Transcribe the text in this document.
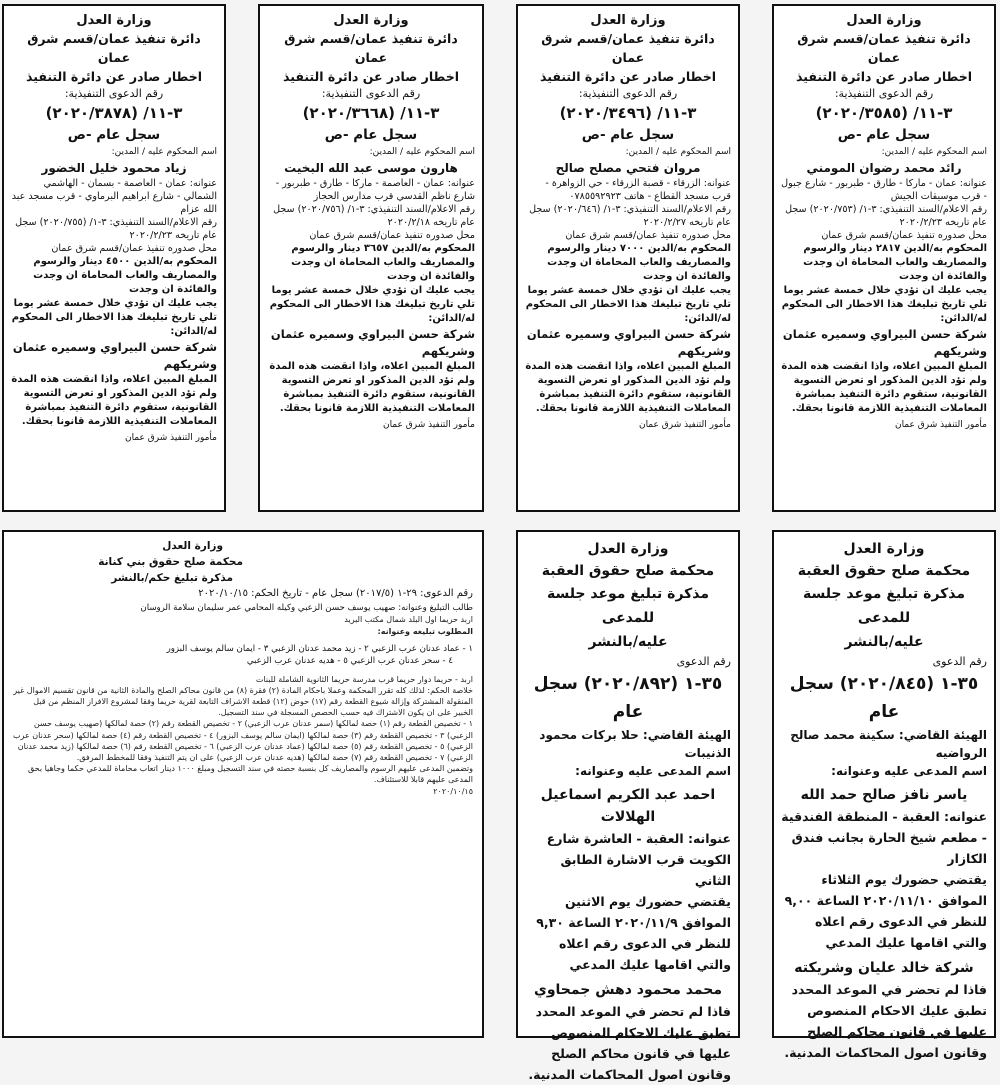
وزارة العدل
دائرة تنفيذ عمان/قسم شرق عمان
اخطار صادر عن دائرة التنفيذ
رقم الدعوى التنفيذية:
٣-١١/ (٢٠٢٠/٣٥٨٥)
سجل عام -ص
اسم المحكوم عليه / المدين:
رائد محمد رضوان المومني
عنوانه: عمان - ماركا - طارق - طبربور - شارع جبول - قرب موسيقات الجيش
رقم الاعلام/السند التنفيذي: ٣-١/ (٢٠٢٠/٧٥٣) سجل عام تاريخه ٢٠٢٠/٢/٢٣
محل صدوره تنفيذ عمان/قسم شرق عمان
المحكوم به/الدين ٢٨١٧ دينار والرسوم والمصاريف والعاب المحاماة ان وجدت والفائدة ان وجدت
يجب عليك ان تؤدي خلال خمسة عشر يوما تلي تاريخ تبليغك هذا الاخطار الى المحكوم له/الدائن:
شركة حسن البيراوي وسميره عثمان وشريكهم
المبلغ المبين اعلاه، واذا انقضت هذه المدة ولم تؤد الدين المذكور او تعرض التسوية القانونية، ستقوم دائرة التنفيذ بمباشرة المعاملات التنفيذية اللازمة قانونا بحقك.
مأمور التنفيذ شرق عمان
وزارة العدل
دائرة تنفيذ عمان/قسم شرق عمان
اخطار صادر عن دائرة التنفيذ
رقم الدعوى التنفيذية:
٣-١١/ (٢٠٢٠/٣٤٩٦)
سجل عام -ص
اسم المحكوم عليه / المدين:
مروان فتحي مصلح صالح
عنوانه: الزرقاء - قصبة الزرقاء - حي الزواهرة - قرب مسجد القطاع - هاتف ٠٧٨٥٥٩٢٩٢٣
رقم الاعلام/السند التنفيذي: ٣-١/ (٢٠٢٠/٦٤٦) سجل عام تاريخه ٢٠٢٠/٢/٢٧
محل صدوره تنفيذ عمان/قسم شرق عمان
المحكوم به/الدين ٧٠٠٠ دينار والرسوم والمصاريف والعاب المحاماة ان وجدت والفائدة ان وجدت
يجب عليك ان تؤدي خلال خمسة عشر يوما تلي تاريخ تبليغك هذا الاخطار الى المحكوم له/الدائن:
شركة حسن البيراوي وسميره عثمان وشريكهم
المبلغ المبين اعلاه، واذا انقضت هذه المدة ولم تؤد الدين المذكور او تعرض التسوية القانونية، ستقوم دائرة التنفيذ بمباشرة المعاملات التنفيذية اللازمة قانونا بحقك.
مأمور التنفيذ شرق عمان
وزارة العدل
دائرة تنفيذ عمان/قسم شرق عمان
اخطار صادر عن دائرة التنفيذ
رقم الدعوى التنفيذية:
٣-١١/ (٢٠٢٠/٣٦٦٨)
سجل عام -ص
اسم المحكوم عليه / المدين:
هارون موسى عبد الله البخيت
عنوانه: عمان - العاصمة - ماركا - طارق - طبربور - شارع ناظم القدسي قرب مدارس الحجاز
رقم الاعلام/السند التنفيذي: ٣-١/ (٢٠٢٠/٧٥٦) سجل عام تاريخه ٢٠٢٠/٢/١٨
محل صدوره تنفيذ عمان/قسم شرق عمان
المحكوم به/الدين ٣٦٥٧ دينار والرسوم والمصاريف والعاب المحاماة ان وجدت والفائدة ان وجدت
يجب عليك ان تؤدي خلال خمسة عشر يوما تلي تاريخ تبليغك هذا الاخطار الى المحكوم له/الدائن:
شركة حسن البيراوي وسميره عثمان وشريكهم
المبلغ المبين اعلاه، واذا انقضت هذه المدة ولم تؤد الدين المذكور او تعرض التسوية القانونية، ستقوم دائرة التنفيذ بمباشرة المعاملات التنفيذية اللازمة قانونا بحقك.
مأمور التنفيذ شرق عمان
وزارة العدل
دائرة تنفيذ عمان/قسم شرق عمان
اخطار صادر عن دائرة التنفيذ
رقم الدعوى التنفيذية:
٣-١١/ (٢٠٢٠/٣٨٧٨)
سجل عام -ص
اسم المحكوم عليه / المدين:
زياد محمود خليل الخضور
عنوانه: عمان - العاصمة - بسمان - الهاشمي الشمالي - شارع ابراهيم البرماوي - قرب مسجد عبد الله عزام
رقم الاعلام/السند التنفيذي: ٣-١/ (٢٠٢٠/٧٥٥) سجل عام تاريخه ٢٠٢٠/٢/٢٣
محل صدوره تنفيذ عمان/قسم شرق عمان
المحكوم به/الدين ٤٥٠٠ دينار والرسوم والمصاريف والعاب المحاماة ان وجدت والفائدة ان وجدت
يجب عليك ان تؤدي خلال خمسة عشر يوما تلي تاريخ تبليغك هذا الاخطار الى المحكوم له/الدائن:
شركة حسن البيراوي وسميره عثمان وشريكهم
المبلغ المبين اعلاه، واذا انقضت هذه المدة ولم تؤد الدين المذكور او تعرض التسوية القانونية، ستقوم دائرة التنفيذ بمباشرة المعاملات التنفيذية اللازمة قانونا بحقك.
مأمور التنفيذ شرق عمان
وزارة العدل
محكمة صلح حقوق العقبة
مذكرة تبليغ موعد جلسة للمدعى
عليه/بالنشر
رقم الدعوى
٣٥-١ (٢٠٢٠/٨٤٥) سجل عام
الهيئة القاضي: سكينة محمد صالح الرواضيه
اسم المدعى عليه وعنوانه:
ياسر نافز صالح حمد الله
عنوانه: العقبة - المنطقة الفندقية - مطعم شيخ الحارة بجانب فندق الكازار
يقتضي حضورك يوم الثلاثاء الموافق ٢٠٢٠/١١/١٠ الساعة ٩,٠٠ للنظر في الدعوى رقم اعلاه والتي اقامها عليك المدعي
شركة خالد عليان وشريكته
فاذا لم تحضر في الموعد المحدد تطبق عليك الاحكام المنصوص عليها في قانون محاكم الصلح وقانون اصول المحاكمات المدنية.
وزارة العدل
محكمة صلح حقوق العقبة
مذكرة تبليغ موعد جلسة للمدعى
عليه/بالنشر
رقم الدعوى
٣٥-١ (٢٠٢٠/٨٩٢) سجل عام
الهيئة القاضي: حلا بركات محمود الذنيبات
اسم المدعى عليه وعنوانه:
احمد عبد الكريم اسماعيل الهلالات
عنوانه: العقبة - العاشرة شارع الكويت قرب الاشارة الطابق الثاني
يقتضي حضورك يوم الاثنين الموافق ٢٠٢٠/١١/٩ الساعة ٩,٣٠ للنظر في الدعوى رقم اعلاه والتي اقامها عليك المدعي
محمد محمود دهش جمحاوي
فاذا لم تحضر في الموعد المحدد تطبق عليك الاحكام المنصوص عليها في قانون محاكم الصلح وقانون اصول المحاكمات المدنية.
وزارة العدل
محكمة صلح حقوق بني كنانة
مذكرة تبليغ حكم/بالنشر
رقم الدعوى: ٢٩-١ (٢٠١٧/٥) سجل عام - تاريخ الحكم: ٢٠٢٠/١٠/١٥
طالب التبليغ وعنوانه: صهيب يوسف حسن الزعبي وكيله المحامي عمر سليمان سلامة الروسان
اربد حريما اول البلد شمال مكتب البريد
المطلوب تبليغه وعنوانه:
١ - عماد عدنان عرب الزعبي ٢ - زيد محمد عدنان الزعبي ٣ - ايمان سالم يوسف البزور
٤ - سحر عدنان عرب الزعبي ٥ - هديه عدنان عرب الزعبي
اربد - حريما دوار حريما قرب مدرسة حريما الثانوية الشاملة للبنات
خلاصة الحكم: لذلك كله تقرر المحكمة وعملا باحكام المادة (٢) فقرة (٨) من قانون محاكم الصلح والمادة الثانية من قانون تقسيم الاموال غير المنقولة المشتركة وإزالة شيوع القطعة رقم (١٧) حوض (١٢) قطعة الاشراف التابعة لقرية حريما وفقا لمشروع الافراز المنظم من قبل الخبير على ان يكون الاشتراك فيه حسب الحصص المسجلة في سند التسجيل.
١ - تخصيص القطعة رقم (١) حصة لمالكها (سمر عدنان عرب الزعبي) ٢ - تخصيص القطعة رقم (٢) حصة لمالكها (صهيب يوسف حسن الزعبي) ٣ - تخصيص القطعة رقم (٣) حصة لمالكها (ايمان سالم يوسف البزور) ٤ - تخصيص القطعة رقم (٤) حصة لمالكها (سحر عدنان عرب الزعبي) ٥ - تخصيص القطعة رقم (٥) حصة لمالكها (عماد عدنان عرب الزعبي) ٦ - تخصيص القطعة رقم (٦) حصة لمالكها (زيد محمد عدنان الزعبي) ٧ - تخصيص القطعة رقم (٧) حصة لمالكها (هديه عدنان عرب الزعبي) على ان يتم التنفيذ وفقا للمخطط المرفق.
وتضمين المدعى عليهم الرسوم والمصاريف كل بنسبة حصته في سند التسجيل ومبلغ ١٠٠٠ دينار اتعاب محاماة للمدعي حكما وجاهيا بحق المدعى عليهم قابلا للاستئناف.
٢٠٢٠/١٠/١٥
